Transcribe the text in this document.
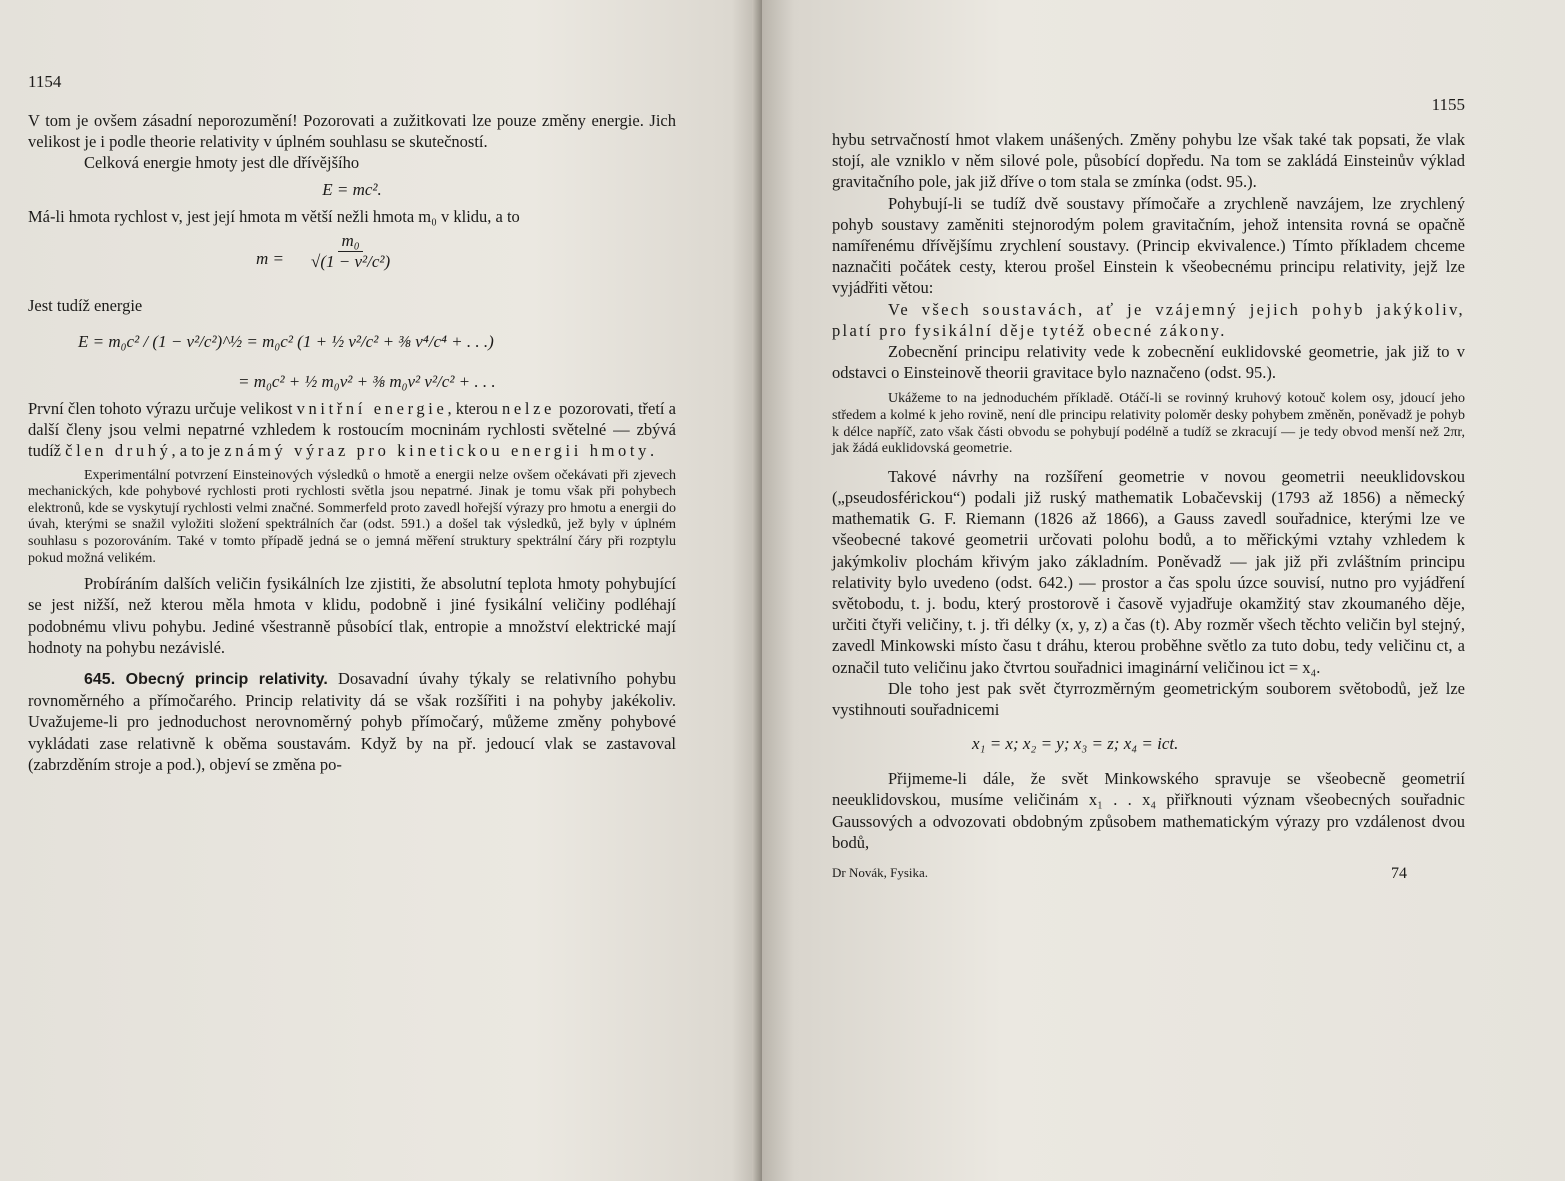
1154

V tom je ovšem zásadní neporozumění! Pozorovati a zužitkovati lze pouze změny energie. Jich velikost je i podle theorie relativity v úplném souhlasu se skutečností.

Celková energie hmoty jest dle dřívějšího

E = mc².

Má-li hmota rychlost v, jest její hmota m větší nežli hmota m₀ v klidu, a to

$m = \frac{\text{m₀}}{\text{√(1 − v²/c²)}}$

Jest tudíž energie

E = m₀c² / (1 − v²/c²)^½ = m₀c² (1 + ½ v²/c² + ⅜ v⁴/c⁴ + . . .)
= m₀c² + ½ m₀v² + ⅜ m₀v² v²/c² + . . .

První člen tohoto výrazu určuje velikost vnitřní energie, kterou nelze pozorovati, třetí a další členy jsou velmi nepatrné vzhledem k rostoucím mocninám rychlosti světelné — zbývá tudíž člen druhý, a to je známý výraz pro kinetickou energii hmoty.

Experimentální potvrzení Einsteinových výsledků o hmotě a energii nelze ovšem očekávati při zjevech mechanických, kde pohybové rychlosti proti rychlosti světla jsou nepatrné. Jinak je tomu však při pohybech elektronů, kde se vyskytují rychlosti velmi značné. Sommerfeld proto zavedl hořejší výrazy pro hmotu a energii do úvah, kterými se snažil vyložiti složení spektrálních čar (odst. 591.) a došel tak výsledků, jež byly v úplném souhlasu s pozorováním. Také v tomto případě jedná se o jemná měření struktury spektrální čáry při rozptylu pokud možná velikém.

Probíráním dalších veličin fysikálních lze zjistiti, že absolutní teplota hmoty pohybující se jest nižší, než kterou měla hmota v klidu, podobně i jiné fysikální veličiny podléhají podobnému vlivu pohybu. Jediné všestranně působící tlak, entropie a množství elektrické mají hodnoty na pohybu nezávislé.

645. Obecný princip relativity. Dosavadní úvahy týkaly se relativního pohybu rovnoměrného a přímočarého. Princip relativity dá se však rozšířiti i na pohyby jakékoliv. Uvažujeme-li pro jednoduchost nerovnoměrný pohyb přímočarý, můžeme změny pohybové vykládati zase relativně k oběma soustavám. Když by na př. jedoucí vlak se zastavoval (zabrzděním stroje a pod.), objeví se změna po-

1155

hybu setrvačností hmot vlakem unášených. Změny pohybu lze však také tak popsati, že vlak stojí, ale vzniklo v něm silové pole, působící dopředu. Na tom se zakládá Einsteinův výklad gravitačního pole, jak již dříve o tom stala se zmínka (odst. 95.).

Pohybují-li se tudíž dvě soustavy přímočaře a zrychleně navzájem, lze zrychlený pohyb soustavy zaměniti stejnorodým polem gravitačním, jehož intensita rovná se opačně namířenému dřívějšímu zrychlení soustavy. (Princip ekvivalence.) Tímto příkladem chceme naznačiti počátek cesty, kterou prošel Einstein k všeobecnému principu relativity, jejž lze vyjádřiti větou:

Ve všech soustavách, ať je vzájemný jejich pohyb jakýkoliv, platí pro fysikální děje tytéž obecné zákony.

Zobecnění principu relativity vede k zobecnění euklidovské geometrie, jak již to v odstavci o Einsteinově theorii gravitace bylo naznačeno (odst. 95.).

Ukážeme to na jednoduchém příkladě. Otáčí-li se rovinný kruhový kotouč kolem osy, jdoucí jeho středem a kolmé k jeho rovině, není dle principu relativity poloměr desky pohybem změněn, poněvadž je pohyb k délce napříč, zato však části obvodu se pohybují podélně a tudíž se zkracují — je tedy obvod menší než 2πr, jak žádá euklidovská geometrie.

Takové návrhy na rozšíření geometrie v novou geometrii neeuklidovskou („pseudosférickou“) podali již ruský mathematik Lobačevskij (1793 až 1856) a německý mathematik G. F. Riemann (1826 až 1866), a Gauss zavedl souřadnice, kterými lze ve všeobecné takové geometrii určovati polohu bodů, a to měřickými vztahy vzhledem k jakýmkoliv plochám křivým jako základním. Poněvadž — jak již při zvláštním principu relativity bylo uvedeno (odst. 642.) — prostor a čas spolu úzce souvisí, nutno pro vyjádření světobodu, t. j. bodu, který prostorově i časově vyjadřuje okamžitý stav zkoumaného děje, určiti čtyři veličiny, t. j. tři délky (x, y, z) a čas (t). Aby rozměr všech těchto veličin byl stejný, zavedl Minkowski místo času t dráhu, kterou proběhne světlo za tuto dobu, tedy veličinu ct, a označil tuto veličinu jako čtvrtou souřadnici imaginární veličinou ict = x₄.

Dle toho jest pak svět čtyrrozměrným geometrickým souborem světobodů, jež lze vystihnouti souřadnicemi

x₁ = x; x₂ = y; x₃ = z; x₄ = ict.

Přijmeme-li dále, že svět Minkowského spravuje se všeobecně geometrií neeuklidovskou, musíme veličinám x₁ . . x₄ přiřknouti význam všeobecných souřadnic Gaussových a odvozovati obdobným způsobem mathematickým výrazy pro vzdálenost dvou bodů,

Dr Novák, Fysika.	74
